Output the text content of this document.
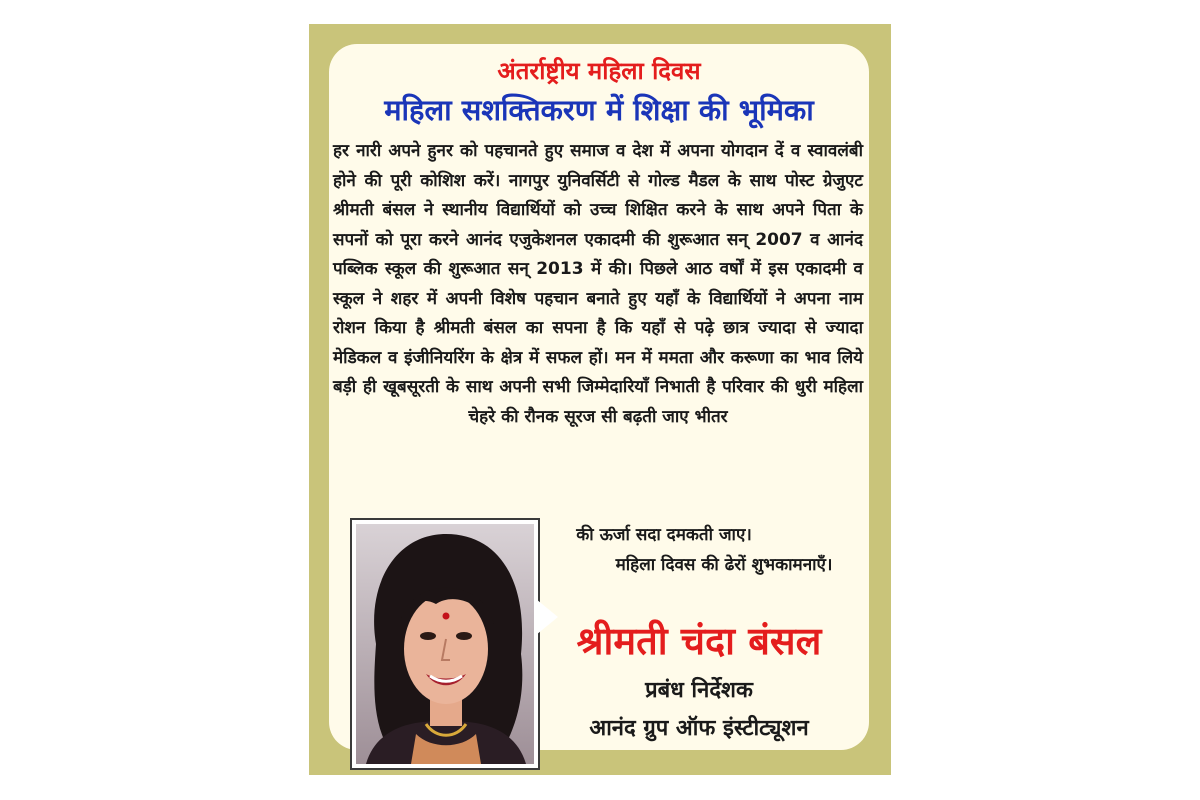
अंतर्राष्ट्रीय महिला दिवस
महिला सशक्तिकरण में शिक्षा की भूमिका

हर नारी अपने हुनर को पहचानते हुए समाज व देश में अपना योगदान दें व स्वावलंबी होने की पूरी कोशिश करें। नागपुर युनिवर्सिटी से गोल्ड मैडल के साथ पोस्ट ग्रेजुएट श्रीमती बंसल ने स्थानीय विद्यार्थियों को उच्च शिक्षित करने के साथ अपने पिता के सपनों को पूरा करने आनंद एजुकेशनल एकादमी की शुरूआत सन् 2007 व आनंद पब्लिक स्कूल की शुरूआत सन् 2013 में की। पिछले आठ वर्षों में इस एकादमी व स्कूल ने शहर में अपनी विशेष पहचान बनाते हुए यहाँ के विद्यार्थियों ने अपना नाम रोशन किया है श्रीमती बंसल का सपना है कि यहाँ से पढ़े छात्र ज्यादा से ज्यादा मेडिकल व इंजीनियरिंग के क्षेत्र में सफल हों। मन में ममता और करूणा का भाव लिये बड़ी ही खूबसूरती के साथ अपनी सभी जिम्मेदारियाँ निभाती है परिवार की धुरी महिला चेहरे की रौनक सूरज सी बढ़ती जाए भीतर

की ऊर्जा सदा दमकती जाए।
महिला दिवस की ढेरों शुभकामनाएँ।
श्रीमती चंदा बंसल
प्रबंध निर्देशक
आनंद ग्रुप ऑफ इंस्टीट्यूशन
